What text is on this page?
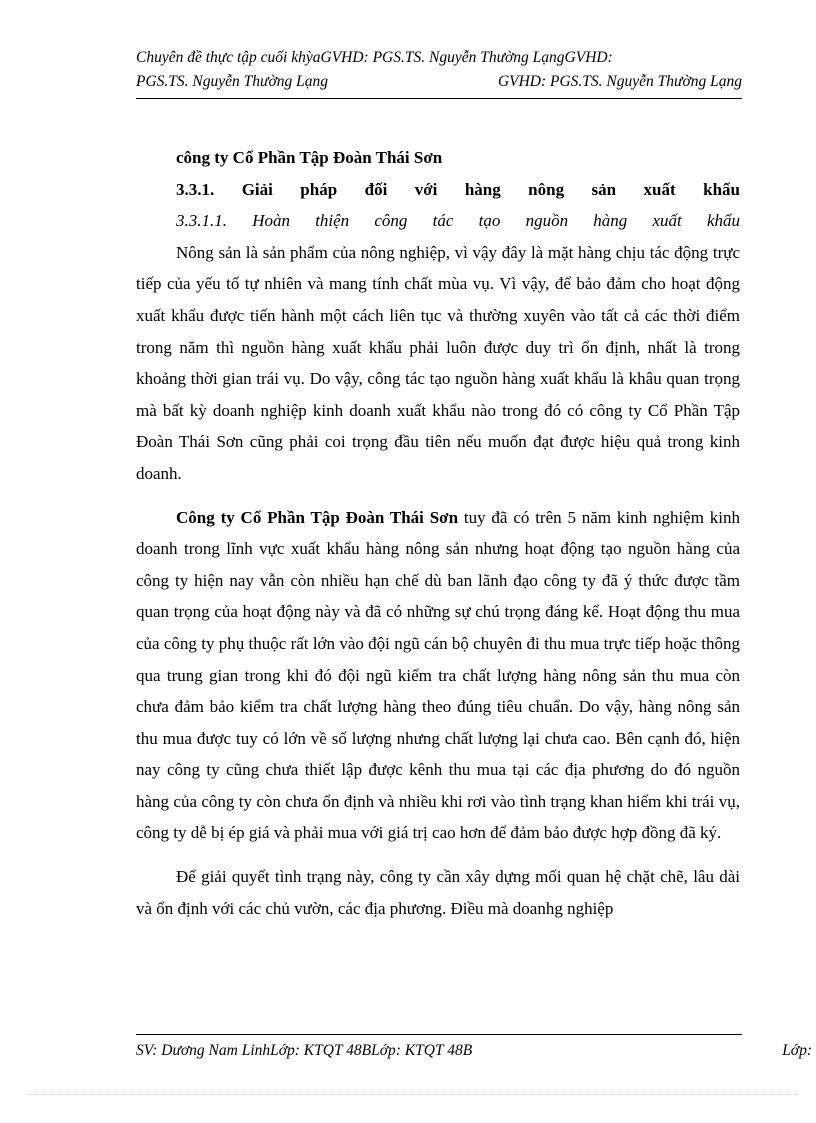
Chuyên đề thực tập cuối khỳaGVHD: PGS.TS. Nguyễn Thường LạngGVHD:
PGS.TS. Nguyễn Thường Lạng	GVHD: PGS.TS. Nguyễn Thường Lạng

công ty Cổ Phần Tập Đoàn Thái Sơn

3.3.1. Giải pháp đối với hàng nông sản xuất khẩu
3.3.1.1. Hoàn thiện công tác tạo nguồn hàng xuất khẩu

Nông sản là sản phẩm của nông nghiệp, vì vậy đây là mặt hàng chịu tác động trực tiếp của yếu tố tự nhiên và mang tính chất mùa vụ. Vì vậy, để bảo đảm cho hoạt động xuất khẩu được tiến hành một cách liên tục và thường xuyên vào tất cả các thời điểm trong năm thì nguồn hàng xuất khẩu phải luôn được duy trì ổn định, nhất là trong khoảng thời gian trái vụ. Do vậy, công tác tạo nguồn hàng xuất khẩu là khâu quan trọng mà bất kỳ doanh nghiệp kinh doanh xuất khẩu nào trong đó có công ty Cổ Phần Tập Đoàn Thái Sơn cũng phải coi trọng đầu tiên nếu muốn đạt được hiệu quả trong kinh doanh.

Công ty Cổ Phần Tập Đoàn Thái Sơn tuy đã có trên 5 năm kinh nghiệm kinh doanh trong lĩnh vực xuất khẩu hàng nông sản nhưng hoạt động tạo nguồn hàng của công ty hiện nay vẫn còn nhiều hạn chế dù ban lãnh đạo công ty đã ý thức được tầm quan trọng của hoạt động này và đã có những sự chú trọng đáng kể. Hoạt động thu mua của công ty phụ thuộc rất lớn vào đội ngũ cán bộ chuyên đi thu mua trực tiếp hoặc thông qua trung gian trong khi đó đội ngũ kiểm tra chất lượng hàng nông sản thu mua còn chưa đảm bảo kiểm tra chất lượng hàng theo đúng tiêu chuẩn. Do vậy, hàng nông sản thu mua được tuy có lớn về số lượng nhưng chất lượng lại chưa cao. Bên cạnh đó, hiện nay công ty cũng chưa thiết lập được kênh thu mua tại các địa phương do đó nguồn hàng của công ty còn chưa ổn định và nhiều khi rơi vào tình trạng khan hiếm khi trái vụ, công ty dễ bị ép giá và phải mua với giá trị cao hơn để đảm bảo được hợp đồng đã ký.

Để giải quyết tình trạng này, công ty cần xây dựng mối quan hệ chặt chẽ, lâu dài và ổn định với các chủ vườn, các địa phương. Điều mà doanhg nghiệp

SV: Dương Nam LinhLớp: KTQT 48BLớp: KTQT 48B	Lớp:
